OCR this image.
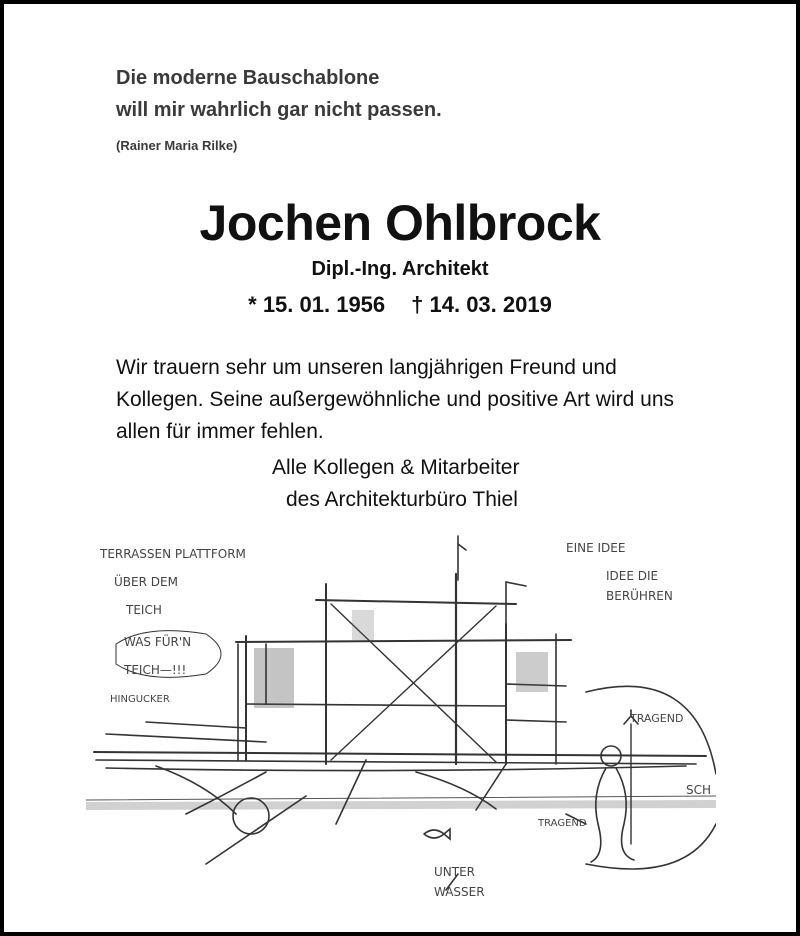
Die moderne Bauschablone
will mir wahrlich gar nicht passen.
(Rainer Maria Rilke)
Jochen Ohlbrock
Dipl.-Ing. Architekt
* 15. 01. 1956 † 14. 03. 2019
Wir trauern sehr um unseren langjährigen Freund und
Kollegen. Seine außergewöhnliche und positive Art wird uns
allen für immer fehlen.
Alle Kollegen & Mitarbeiter
des Architekturbüro Thiel
TERRASSEN PLATTFORM
ÜBER DEM
TEICH
WAS FÜR'N
TEICH—!!!
HINGUCKER
EINE IDEE
IDEE DIE
BERÜHREN
TRAGEND
TRAGEND
UNTER
WASSER
SCH
